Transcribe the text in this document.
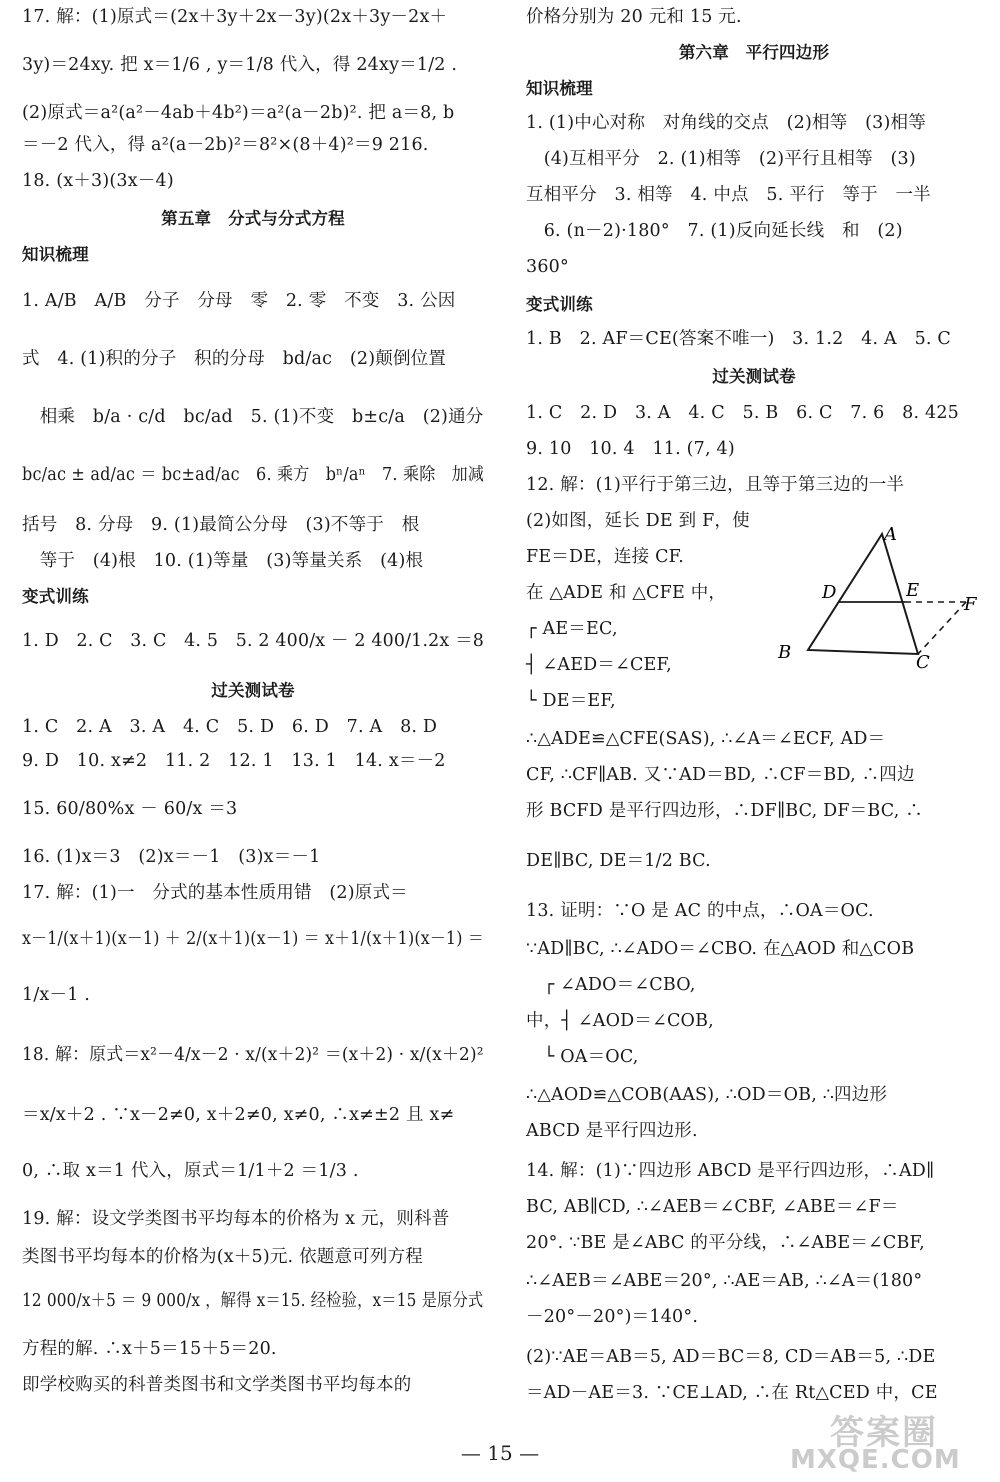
17. 解：(1)原式＝(2x＋3y＋2x－3y)(2x＋3y－2x＋
3y)＝24xy. 把 x＝1/6 , y＝1/8 代入，得 24xy＝1/2 .
(2)原式＝a²(a²－4ab＋4b²)＝a²(a－2b)². 把 a＝8, b
＝－2 代入，得 a²(a－2b)²＝8²×(8＋4)²＝9 216.
18. (x＋3)(3x－4)
第五章　分式与分式方程
知识梳理
1. A/B　A/B　分子　分母　零　2. 零　不变　3. 公因
式　4. (1)积的分子　积的分母　bd/ac　(2)颠倒位置
　相乘　b/a · c/d　bc/ad　5. (1)不变　b±c/a　(2)通分
bc/ac ± ad/ac ＝ bc±ad/ac　6. 乘方　bⁿ/aⁿ　7. 乘除　加减
括号　8. 分母　9. (1)最简公分母　(3)不等于　根
　等于　(4)根　10. (1)等量　(3)等量关系　(4)根
变式训练
1. D　2. C　3. C　4. 5　5. 2 400/x － 2 400/1.2x ＝8
过关测试卷
1. C　2. A　3. A　4. C　5. D　6. D　7. A　8. D
9. D　10. x≠2　11. 2　12. 1　13. 1　14. x＝－2
15. 60/80%x － 60/x ＝3
16. (1)x＝3　(2)x＝－1　(3)x＝－1
17. 解：(1)一　分式的基本性质用错　(2)原式＝
x－1/(x＋1)(x－1) ＋ 2/(x＋1)(x－1) ＝ x＋1/(x＋1)(x－1) ＝
1/x－1 .
18. 解：原式＝x²－4/x－2 · x/(x＋2)² ＝(x＋2) · x/(x＋2)²
＝x/x＋2 . ∵x－2≠0, x＋2≠0, x≠0, ∴x≠±2 且 x≠
0, ∴取 x＝1 代入，原式＝1/1＋2 ＝1/3 .
19. 解：设文学类图书平均每本的价格为 x 元，则科普
类图书平均每本的价格为(x＋5)元. 依题意可列方程
12 000/x＋5 ＝ 9 000/x ，解得 x＝15. 经检验，x＝15 是原分式
方程的解. ∴x＋5＝15＋5＝20.
即学校购买的科普类图书和文学类图书平均每本的
价格分别为 20 元和 15 元.
第六章　平行四边形
知识梳理
1. (1)中心对称　对角线的交点　(2)相等　(3)相等
　(4)互相平分　2. (1)相等　(2)平行且相等　(3)
互相平分　3. 相等　4. 中点　5. 平行　等于　一半
　6. (n－2)·180°　7. (1)反向延长线　和　(2)
360°
变式训练
1. B　2. AF＝CE(答案不唯一)　3. 1.2　4. A　5. C
过关测试卷
1. C　2. D　3. A　4. C　5. B　6. C　7. 6　8. 425
9. 10　10. 4　11. (7, 4)
12. 解：(1)平行于第三边，且等于第三边的一半
(2)如图，延长 DE 到 F，使
FE＝DE，连接 CF.
在 △ADE 和 △CFE 中，
┌ AE＝EC,
┤ ∠AED＝∠CEF,
└ DE＝EF,
∴△ADE≌△CFE(SAS), ∴∠A＝∠ECF, AD＝
CF, ∴CF∥AB. 又∵AD＝BD, ∴CF＝BD, ∴四边
形 BCFD 是平行四边形，∴DF∥BC, DF＝BC, ∴
DE∥BC, DE＝1/2 BC.
13. 证明：∵O 是 AC 的中点，∴OA＝OC.
∵AD∥BC, ∴∠ADO＝∠CBO. 在△AOD 和△COB
　┌ ∠ADO＝∠CBO,
中，┤ ∠AOD＝∠COB,
　└ OA＝OC,
∴△AOD≌△COB(AAS), ∴OD＝OB, ∴四边形
ABCD 是平行四边形.
14. 解：(1)∵四边形 ABCD 是平行四边形，∴AD∥
BC, AB∥CD, ∴∠AEB＝∠CBF, ∠ABE＝∠F＝
20°. ∵BE 是∠ABC 的平分线，∴∠ABE＝∠CBF,
∴∠AEB＝∠ABE＝20°, ∴AE＝AB, ∴∠A＝(180°
－20°－20°)＝140°.
(2)∵AE＝AB＝5, AD＝BC＝8, CD＝AB＝5, ∴DE
＝AD－AE＝3. ∵CE⊥AD, ∴在 Rt△CED 中，CE
A
D	E
F
B	C
— 15 —	答案圈
MXQE.COM
